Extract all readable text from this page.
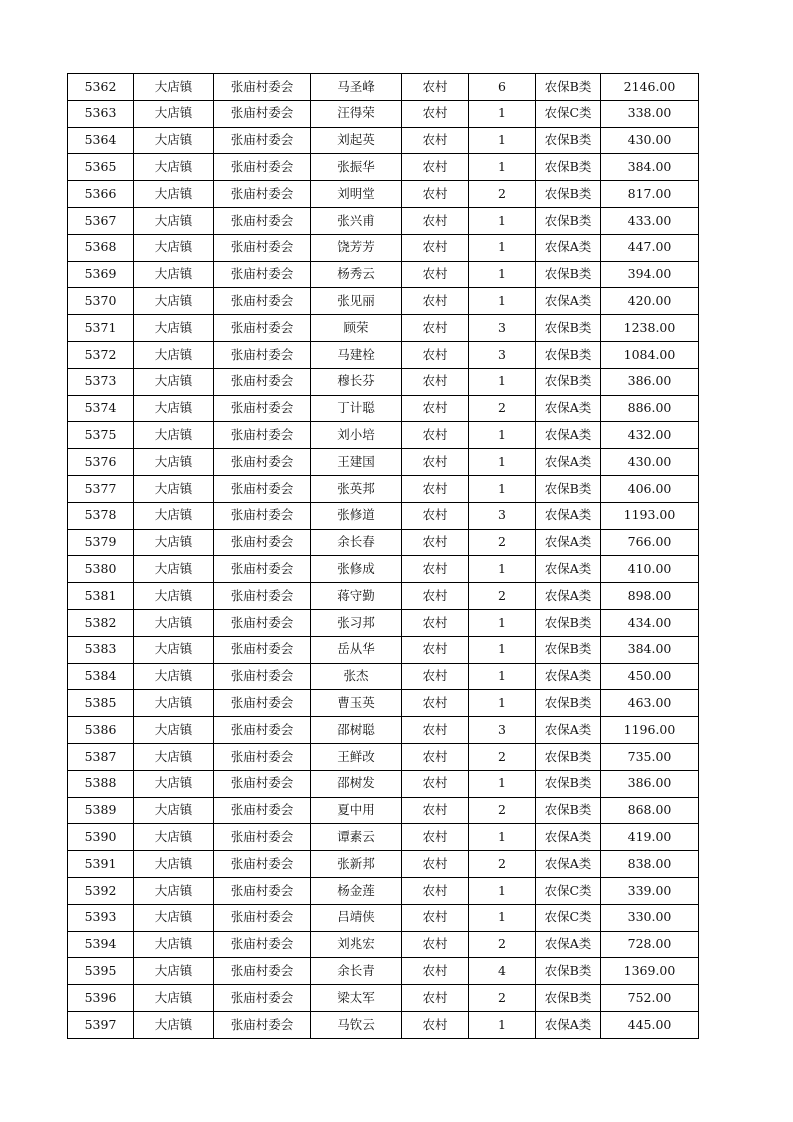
5362	大店镇	张庙村委会	马圣峰	农村	6	农保B类	2146.00
5363	大店镇	张庙村委会	汪得荣	农村	1	农保C类	338.00
5364	大店镇	张庙村委会	刘起英	农村	1	农保B类	430.00
5365	大店镇	张庙村委会	张振华	农村	1	农保B类	384.00
5366	大店镇	张庙村委会	刘明堂	农村	2	农保B类	817.00
5367	大店镇	张庙村委会	张兴甫	农村	1	农保B类	433.00
5368	大店镇	张庙村委会	饶芳芳	农村	1	农保A类	447.00
5369	大店镇	张庙村委会	杨秀云	农村	1	农保B类	394.00
5370	大店镇	张庙村委会	张见丽	农村	1	农保A类	420.00
5371	大店镇	张庙村委会	顾荣	农村	3	农保B类	1238.00
5372	大店镇	张庙村委会	马建栓	农村	3	农保B类	1084.00
5373	大店镇	张庙村委会	穆长芬	农村	1	农保B类	386.00
5374	大店镇	张庙村委会	丁计聪	农村	2	农保A类	886.00
5375	大店镇	张庙村委会	刘小培	农村	1	农保A类	432.00
5376	大店镇	张庙村委会	王建国	农村	1	农保A类	430.00
5377	大店镇	张庙村委会	张英邦	农村	1	农保B类	406.00
5378	大店镇	张庙村委会	张修道	农村	3	农保A类	1193.00
5379	大店镇	张庙村委会	余长春	农村	2	农保A类	766.00
5380	大店镇	张庙村委会	张修成	农村	1	农保A类	410.00
5381	大店镇	张庙村委会	蒋守勤	农村	2	农保A类	898.00
5382	大店镇	张庙村委会	张习邦	农村	1	农保B类	434.00
5383	大店镇	张庙村委会	岳从华	农村	1	农保B类	384.00
5384	大店镇	张庙村委会	张杰	农村	1	农保A类	450.00
5385	大店镇	张庙村委会	曹玉英	农村	1	农保B类	463.00
5386	大店镇	张庙村委会	邵树聪	农村	3	农保A类	1196.00
5387	大店镇	张庙村委会	王鲜改	农村	2	农保B类	735.00
5388	大店镇	张庙村委会	邵树发	农村	1	农保B类	386.00
5389	大店镇	张庙村委会	夏中用	农村	2	农保B类	868.00
5390	大店镇	张庙村委会	谭素云	农村	1	农保A类	419.00
5391	大店镇	张庙村委会	张新邦	农村	2	农保A类	838.00
5392	大店镇	张庙村委会	杨金莲	农村	1	农保C类	339.00
5393	大店镇	张庙村委会	吕靖侠	农村	1	农保C类	330.00
5394	大店镇	张庙村委会	刘兆宏	农村	2	农保A类	728.00
5395	大店镇	张庙村委会	余长青	农村	4	农保B类	1369.00
5396	大店镇	张庙村委会	梁太军	农村	2	农保B类	752.00
5397	大店镇	张庙村委会	马钦云	农村	1	农保A类	445.00
